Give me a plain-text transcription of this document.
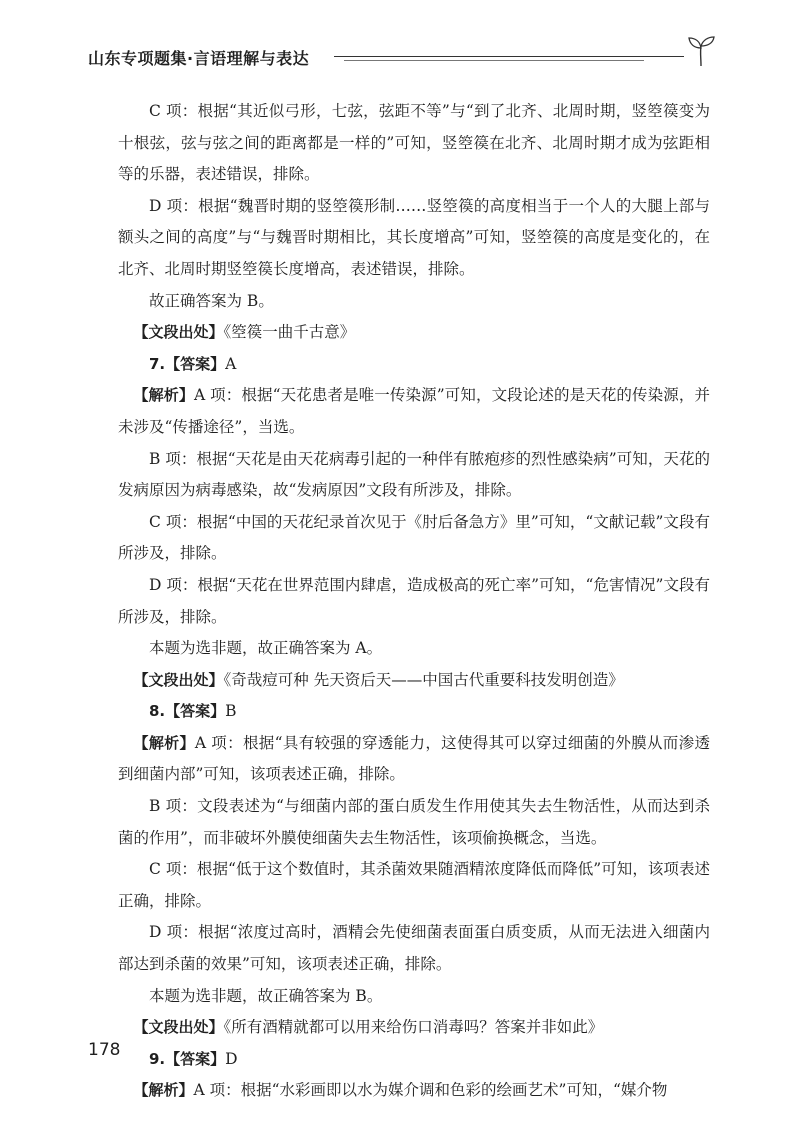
山东专项题集·言语理解与表达

C 项：根据“其近似弓形，七弦，弦距不等”与“到了北齐、北周时期，竖箜篌变为十根弦，弦与弦之间的距离都是一样的”可知，竖箜篌在北齐、北周时期才成为弦距相等的乐器，表述错误，排除。

D 项：根据“魏晋时期的竖箜篌形制……竖箜篌的高度相当于一个人的大腿上部与额头之间的高度”与“与魏晋时期相比，其长度增高”可知，竖箜篌的高度是变化的，在北齐、北周时期竖箜篌长度增高，表述错误，排除。

故正确答案为 B。

【文段出处】《箜篌一曲千古意》

7.【答案】A

【解析】A 项：根据“天花患者是唯一传染源”可知，文段论述的是天花的传染源，并未涉及“传播途径”，当选。

B 项：根据“天花是由天花病毒引起的一种伴有脓疱疹的烈性感染病”可知，天花的发病原因为病毒感染，故“发病原因”文段有所涉及，排除。

C 项：根据“中国的天花纪录首次见于《肘后备急方》里”可知，“文献记载”文段有所涉及，排除。

D 项：根据“天花在世界范围内肆虐，造成极高的死亡率”可知，“危害情况”文段有所涉及，排除。

本题为选非题，故正确答案为 A。

【文段出处】《奇哉痘可种 先天资后天——中国古代重要科技发明创造》

8.【答案】B

【解析】A 项：根据“具有较强的穿透能力，这使得其可以穿过细菌的外膜从而渗透到细菌内部”可知，该项表述正确，排除。

B 项：文段表述为“与细菌内部的蛋白质发生作用使其失去生物活性，从而达到杀菌的作用”，而非破坏外膜使细菌失去生物活性，该项偷换概念，当选。

C 项：根据“低于这个数值时，其杀菌效果随酒精浓度降低而降低”可知，该项表述正确，排除。

D 项：根据“浓度过高时，酒精会先使细菌表面蛋白质变质，从而无法进入细菌内部达到杀菌的效果”可知，该项表述正确，排除。

本题为选非题，故正确答案为 B。

【文段出处】《所有酒精就都可以用来给伤口消毒吗？答案并非如此》

9.【答案】D

【解析】A 项：根据“水彩画即以水为媒介调和色彩的绘画艺术”可知，“媒介物

178
